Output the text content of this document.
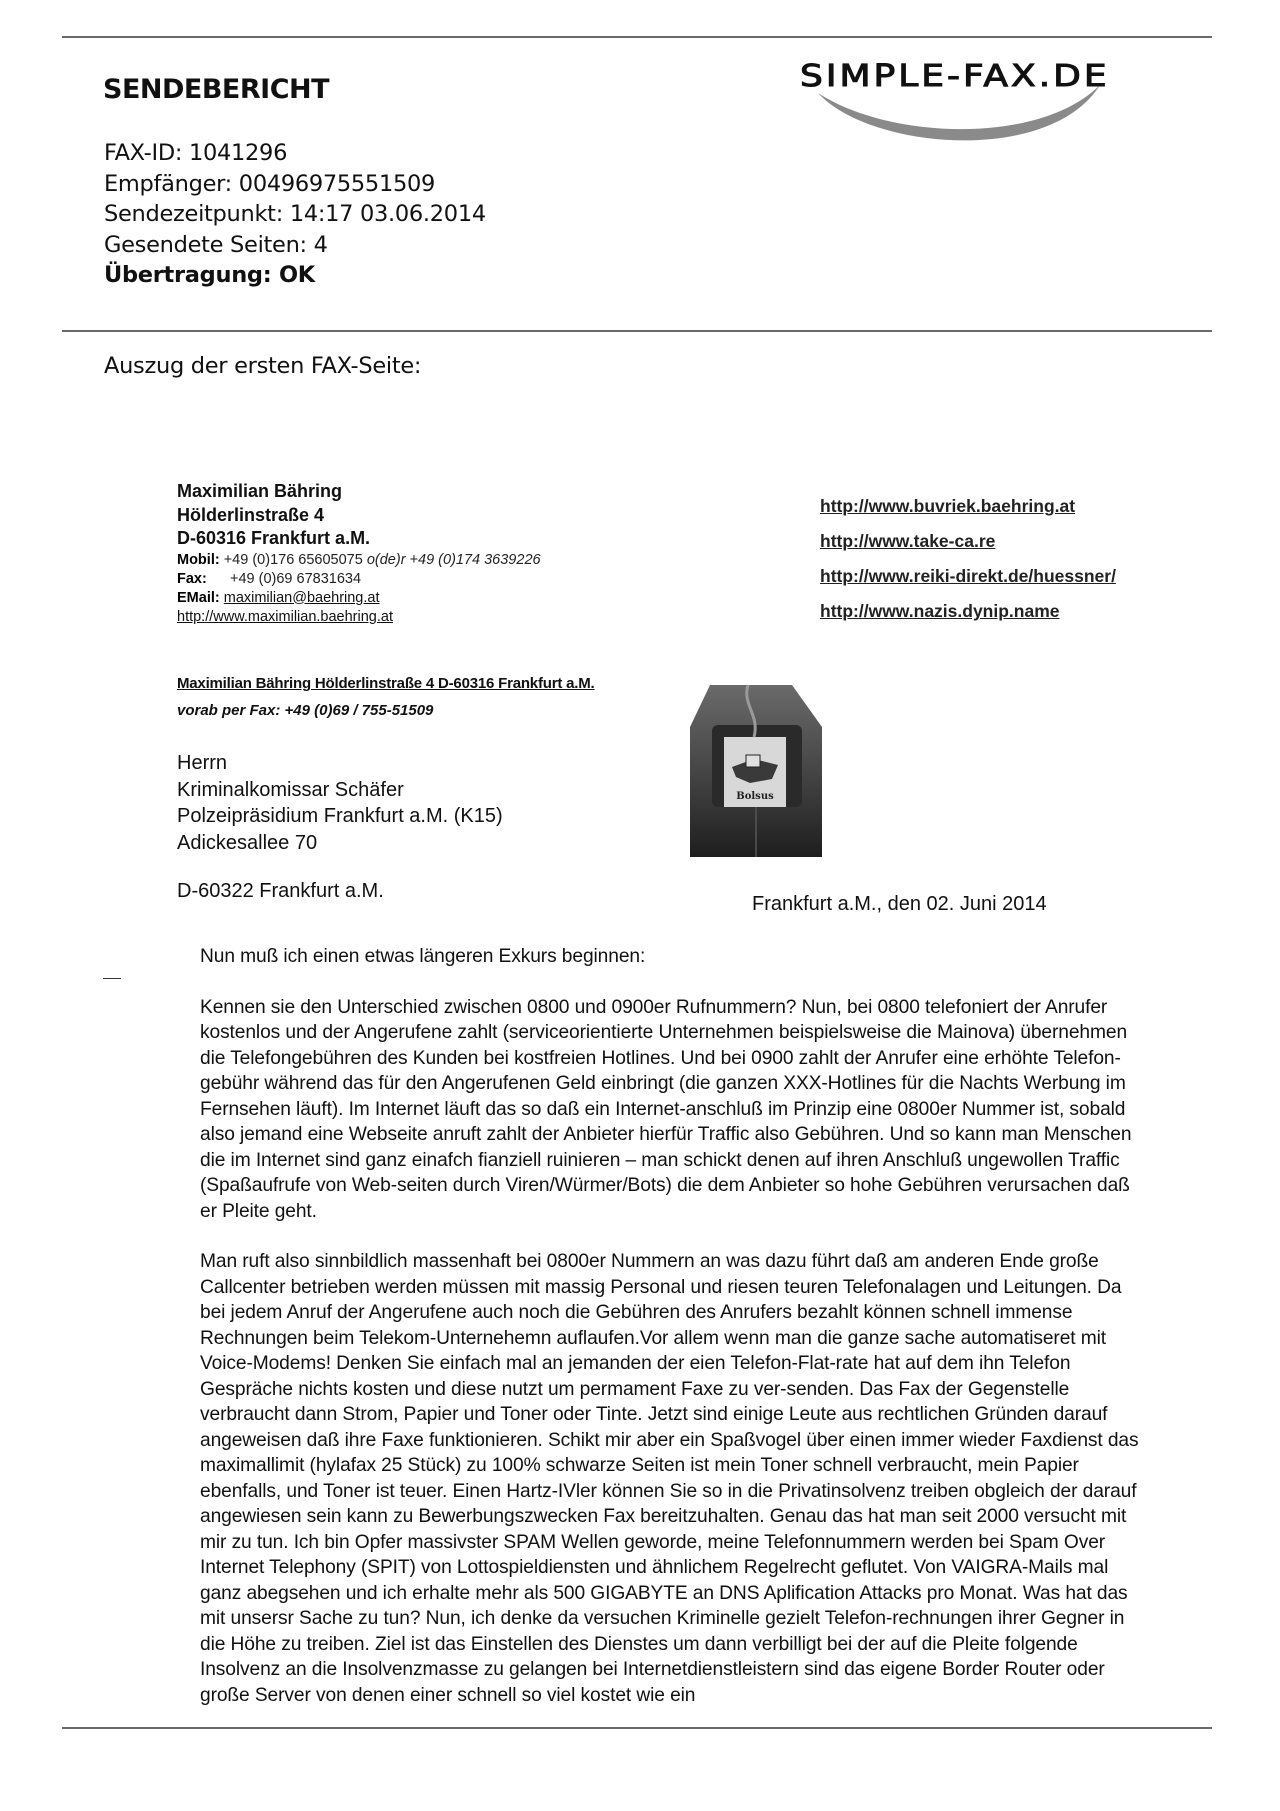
SENDEBERICHT
FAX-ID: 1041296
Empfänger: 00496975551509
Sendezeitpunkt: 14:17 03.06.2014
Gesendete Seiten: 4
Übertragung: OK
SIMPLE-FAX.DE
Auszug der ersten FAX-Seite:
Maximilian Bähring
Hölderlinstraße 4
D-60316 Frankfurt a.M.
Mobil: +49 (0)176 65605075 o(de)r +49 (0)174 3639226
Fax: +49 (0)69 67831634
EMail: maximilian@baehring.at
http://www.maximilian.baehring.at
http://www.buvriek.baehring.at
http://www.take-ca.re
http://www.reiki-direkt.de/huessner/
http://www.nazis.dynip.name
Maximilian Bähring Hölderlinstraße 4 D-60316 Frankfurt a.M.
vorab per Fax: +49 (0)69 / 755-51509
Herrn
Kriminalkomissar Schäfer
Polzeipräsidium Frankfurt a.M. (K15)
Adickesallee 70
D-60322 Frankfurt a.M.
Bolsus
Frankfurt a.M., den 02. Juni 2014

Nun muß ich einen etwas längeren Exkurs beginnen:

Kennen sie den Unterschied zwischen 0800 und 0900er Rufnummern? Nun, bei 0800 telefoniert der Anrufer kostenlos und der Angerufene zahlt (serviceorientierte Unternehmen beispielsweise die Mainova) übernehmen die Telefongebühren des Kunden bei kostfreien Hotlines. Und bei 0900 zahlt der Anrufer eine erhöhte Telefon-gebühr während das für den Angerufenen Geld einbringt (die ganzen XXX-Hotlines für die Nachts Werbung im Fernsehen läuft). Im Internet läuft das so daß ein Internet-anschluß im Prinzip eine 0800er Nummer ist, sobald also jemand eine Webseite anruft zahlt der Anbieter hierfür Traffic also Gebühren. Und so kann man Menschen die im Internet sind ganz einafch fianziell ruinieren – man schickt denen auf ihren Anschluß ungewollen Traffic (Spaßaufrufe von Web-seiten durch Viren/Würmer/Bots) die dem Anbieter so hohe Gebühren verursachen daß er Pleite geht.

Man ruft also sinnbildlich massenhaft bei 0800er Nummern an was dazu führt daß am anderen Ende große Callcenter betrieben werden müssen mit massig Personal und riesen teuren Telefonalagen und Leitungen. Da bei jedem Anruf der Angerufene auch noch die Gebühren des Anrufers bezahlt können schnell immense Rechnungen beim Telekom-Unternehemn auflaufen.Vor allem wenn man die ganze sache automatiseret mit Voice-Modems! Denken Sie einfach mal an jemanden der eien Telefon-Flat-rate hat auf dem ihn Telefon Gespräche nichts kosten und diese nutzt um permament Faxe zu ver-senden. Das Fax der Gegenstelle verbraucht dann Strom, Papier und Toner oder Tinte. Jetzt sind einige Leute aus rechtlichen Gründen darauf angeweisen daß ihre Faxe funktionieren. Schikt mir aber ein Spaßvogel über einen immer wieder Faxdienst das maximallimit (hylafax 25 Stück) zu 100% schwarze Seiten ist mein Toner schnell verbraucht, mein Papier ebenfalls, und Toner ist teuer. Einen Hartz-IVler können Sie so in die Privatinsolvenz treiben obgleich der darauf angewiesen sein kann zu Bewerbungszwecken Fax bereitzuhalten. Genau das hat man seit 2000 versucht mit mir zu tun. Ich bin Opfer massivster SPAM Wellen geworde, meine Telefonnummern werden bei Spam Over Internet Telephony (SPIT) von Lottospieldiensten und ähnlichem Regelrecht geflutet. Von VAIGRA-Mails mal ganz abegsehen und ich erhalte mehr als 500 GIGABYTE an DNS Aplification Attacks pro Monat. Was hat das mit unsersr Sache zu tun? Nun, ich denke da versuchen Kriminelle gezielt Telefon-rechnungen ihrer Gegner in die Höhe zu treiben. Ziel ist das Einstellen des Dienstes um dann verbilligt bei der auf die Pleite folgende Insolvenz an die Insolvenzmasse zu gelangen bei Internetdienstleistern sind das eigene Border Router oder große Server von denen einer schnell so viel kostet wie ein
